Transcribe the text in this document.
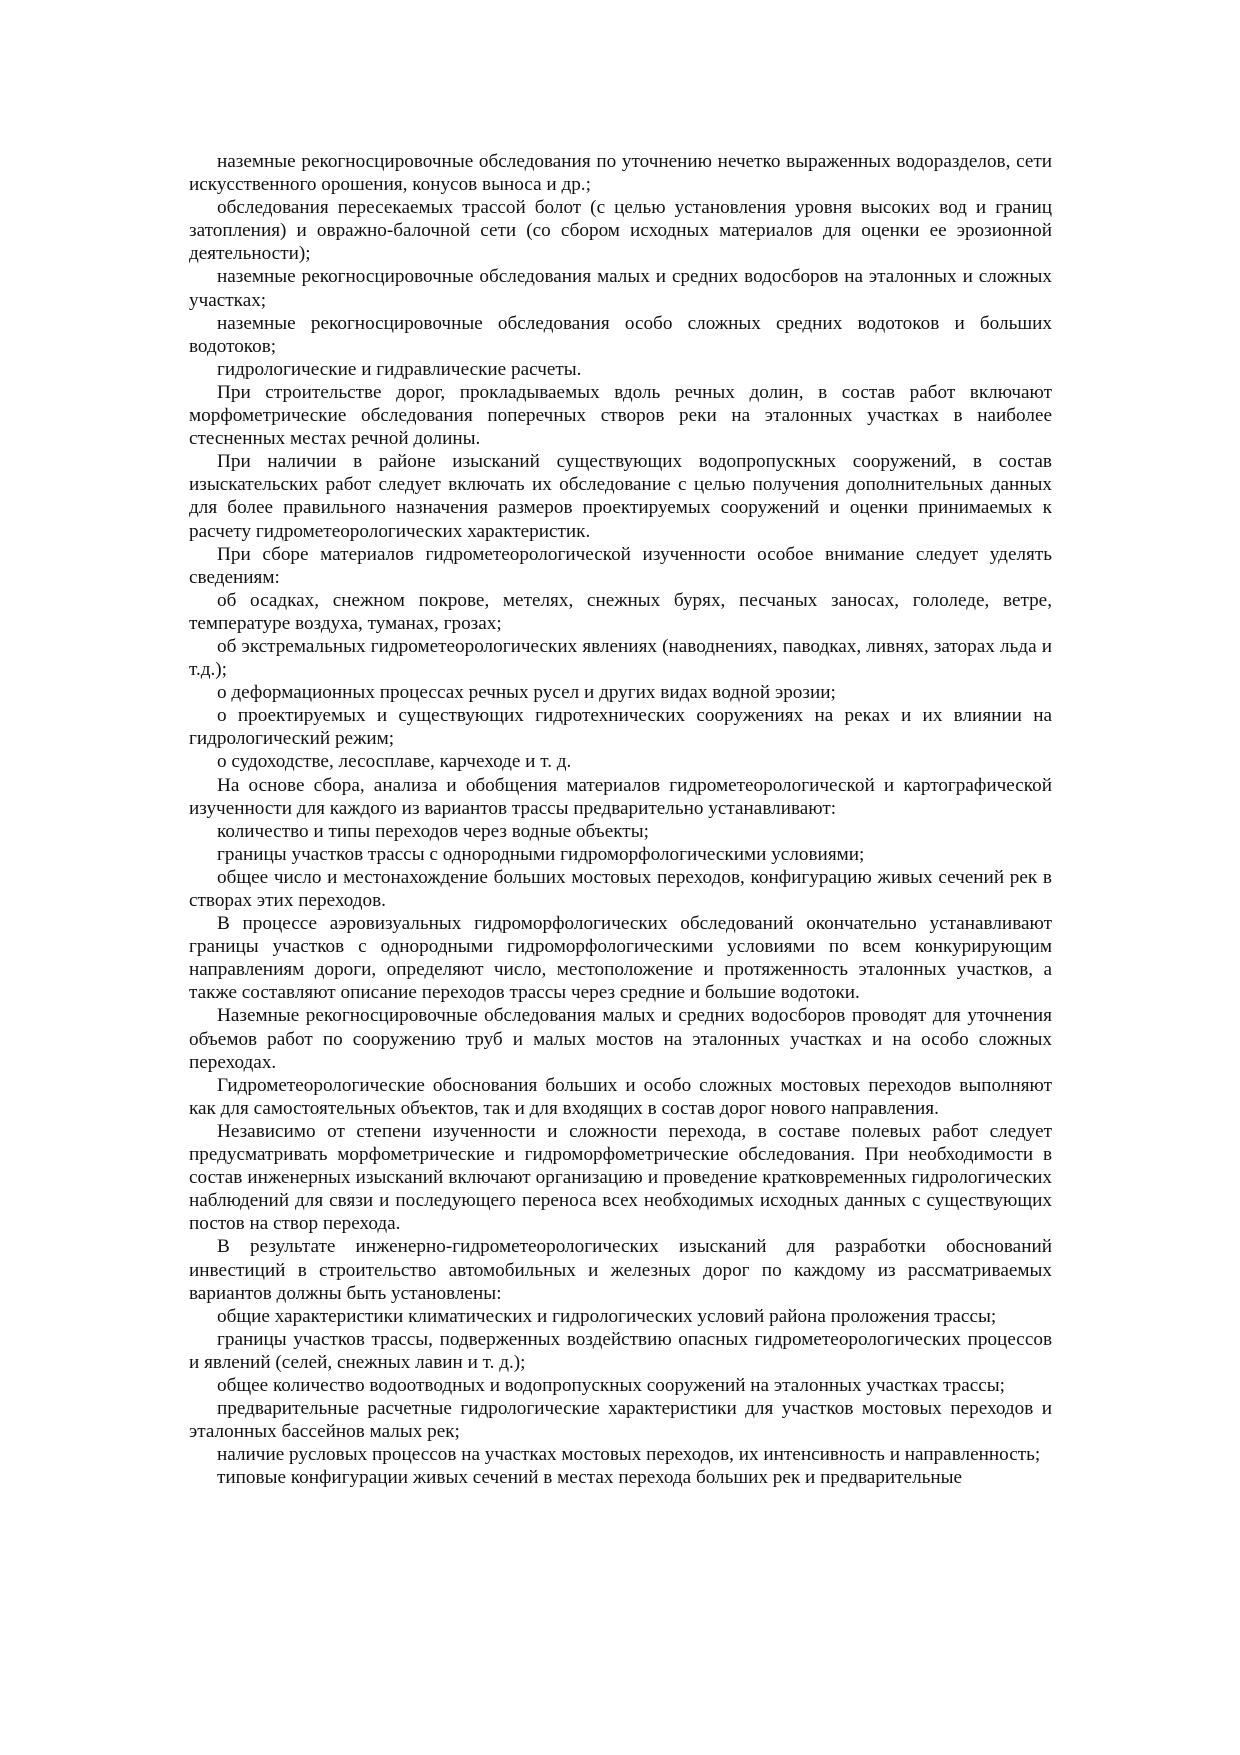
наземные рекогносцировочные обследования по уточнению нечетко выраженных водоразделов, сети искусственного орошения, конусов выноса и др.;

обследования пересекаемых трассой болот (с целью установления уровня высоких вод и границ затопления) и овражно-балочной сети (со сбором исходных материалов для оценки ее эрозионной деятельности);

наземные рекогносцировочные обследования малых и средних водосборов на эталонных и сложных участках;

наземные рекогносцировочные обследования особо сложных средних водотоков и больших водотоков;

гидрологические и гидравлические расчеты.

При строительстве дорог, прокладываемых вдоль речных долин, в состав работ включают морфометрические обследования поперечных створов реки на эталонных участках в наиболее стесненных местах речной долины.

При наличии в районе изысканий существующих водопропускных сооружений, в состав изыскательских работ следует включать их обследование с целью получения дополнительных данных для более правильного назначения размеров проектируемых сооружений и оценки принимаемых к расчету гидрометеорологических характеристик.

При сборе материалов гидрометеорологической изученности особое внимание следует уделять сведениям:

об осадках, снежном покрове, метелях, снежных бурях, песчаных заносах, гололеде, ветре, температуре воздуха, туманах, грозах;

об экстремальных гидрометеорологических явлениях (наводнениях, паводках, ливнях, заторах льда и т.д.);

о деформационных процессах речных русел и других видах водной эрозии;

о проектируемых и существующих гидротехнических сооружениях на реках и их влиянии на гидрологический режим;

о судоходстве, лесосплаве, карчеходе и т. д.

На основе сбора, анализа и обобщения материалов гидрометеорологической и картографической изученности для каждого из вариантов трассы предварительно устанавливают:

количество и типы переходов через водные объекты;

границы участков трассы с однородными гидроморфологическими условиями;

общее число и местонахождение больших мостовых переходов, конфигурацию живых сечений рек в створах этих переходов.

В процессе аэровизуальных гидроморфологических обследований окончательно устанавливают границы участков с однородными гидроморфологическими условиями по всем конкурирующим направлениям дороги, определяют число, местоположение и протяженность эталонных участков, а также составляют описание переходов трассы через средние и большие водотоки.

Наземные рекогносцировочные обследования малых и средних водосборов проводят для уточнения объемов работ по сооружению труб и малых мостов на эталонных участках и на особо сложных переходах.

Гидрометеорологические обоснования больших и особо сложных мостовых переходов выполняют как для самостоятельных объектов, так и для входящих в состав дорог нового направления.

Независимо от степени изученности и сложности перехода, в составе полевых работ следует предусматривать морфометрические и гидроморфометрические обследования. При необходимости в состав инженерных изысканий включают организацию и проведение кратковременных гидрологических наблюдений для связи и последующего переноса всех необходимых исходных данных с существующих постов на створ перехода.

В результате инженерно-гидрометеорологических изысканий для разработки обоснований инвестиций в строительство автомобильных и железных дорог по каждому из рассматриваемых вариантов должны быть установлены:

общие характеристики климатических и гидрологических условий района проложения трассы;

границы участков трассы, подверженных воздействию опасных гидрометеорологических процессов и явлений (селей, снежных лавин и т. д.);

общее количество водоотводных и водопропускных сооружений на эталонных участках трассы;

предварительные расчетные гидрологические характеристики для участков мостовых переходов и эталонных бассейнов малых рек;

наличие русловых процессов на участках мостовых переходов, их интенсивность и направленность;

типовые конфигурации живых сечений в местах перехода больших рек и предварительные
